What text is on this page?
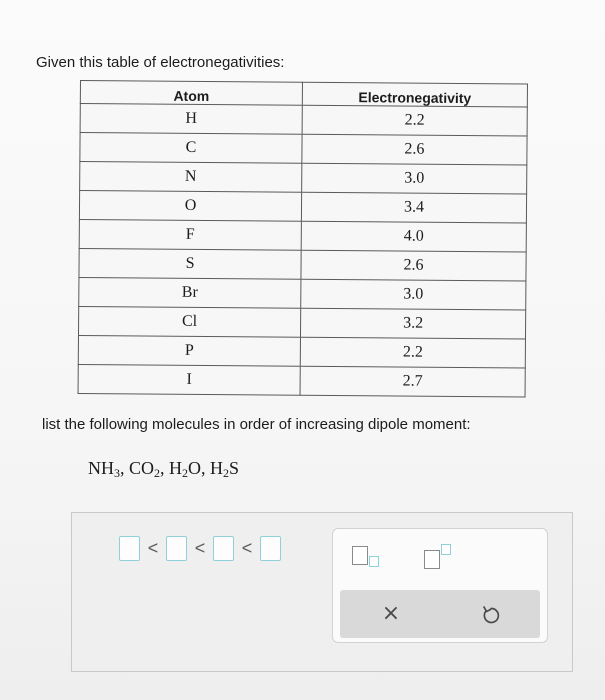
Given this table of electronegativities:
Atom	Electronegativity
H	2.2
C	2.6
N	3.0
O	3.4
F	4.0
S	2.6
Br	3.0
Cl	3.2
P	2.2
I	2.7
list the following molecules in order of increasing dipole moment:
$NH_3$, $CO_2$, $H_2O$, $H_2S$
< < <
×
